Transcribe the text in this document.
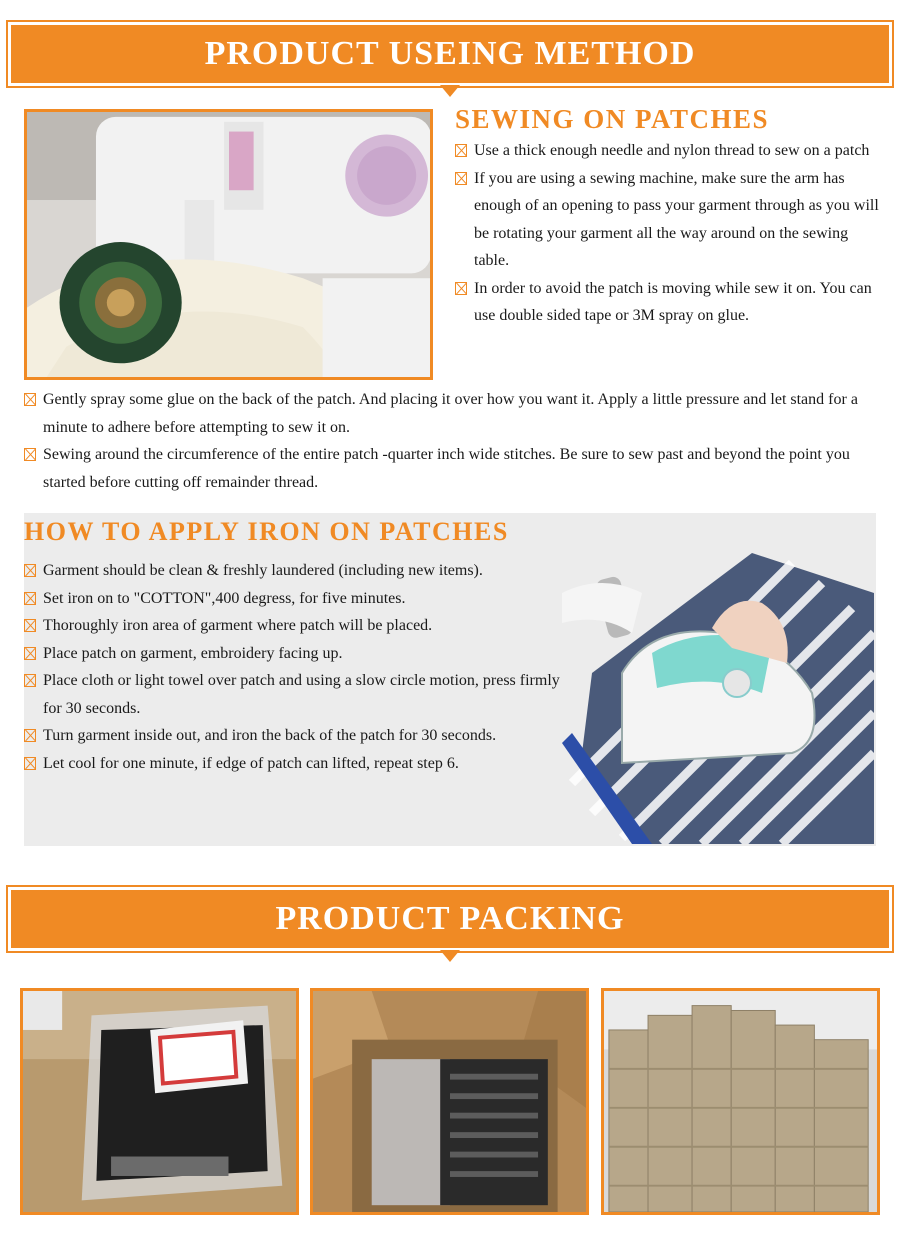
PRODUCT USEING METHOD
SEWING ON PATCHES
Use a thick enough needle and nylon thread to sew on a patch
If you are using a sewing machine, make sure the arm has enough of an opening to pass your garment through as you will be rotating your garment all the way around on the sewing table.
In order to avoid the patch is moving while sew it on. You can use double sided tape or 3M spray on glue.
Gently spray some glue on the back of the patch. And placing it over how you want it. Apply a little pressure and let stand for a minute to adhere before attempting to sew it on.
Sewing around the circumference of the entire patch -quarter inch wide stitches. Be sure to sew past and beyond the point you started before cutting off remainder thread.
HOW TO APPLY IRON ON PATCHES
Garment should be clean & freshly laundered (including new items).
Set iron on to "COTTON",400 degress, for five minutes.
Thoroughly iron area of garment where patch will be placed.
Place patch on garment, embroidery facing up.
Place cloth or light towel over patch and using a slow circle motion, press firmly for 30 seconds.
Turn garment inside out, and iron the back of the patch for 30 seconds.
Let cool for one minute, if edge of patch can lifted, repeat step 6.
PRODUCT PACKING
